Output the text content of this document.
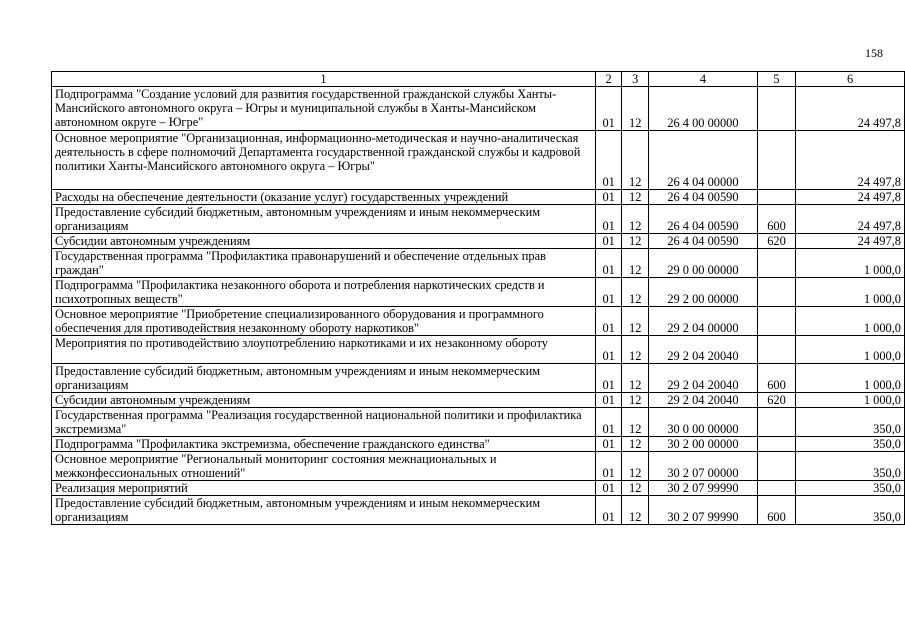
158
1	2	3	4	5	6
Подпрограмма "Создание условий для развития государственной гражданской службы Ханты-Мансийского автономного округа – Югры и муниципальной службы в Ханты-Мансийском автономном округе – Югре"	01	12	26 4 00 00000		24 497,8
Основное мероприятие "Организационная, информационно-методическая и научно-аналитическая деятельность в сфере полномочий Департамента государственной гражданской службы и кадровой политики Ханты-Мансийского автономного округа – Югры"	01	12	26 4 04 00000		24 497,8
Расходы на обеспечение деятельности (оказание услуг) государственных учреждений	01	12	26 4 04 00590		24 497,8
Предоставление субсидий бюджетным, автономным учреждениям и иным некоммерческим организациям	01	12	26 4 04 00590	600	24 497,8
Субсидии автономным учреждениям	01	12	26 4 04 00590	620	24 497,8
Государственная программа "Профилактика правонарушений и обеспечение отдельных прав граждан"	01	12	29 0 00 00000		1 000,0
Подпрограмма "Профилактика незаконного оборота и потребления наркотических средств и психотропных веществ"	01	12	29 2 00 00000		1 000,0
Основное мероприятие "Приобретение специализированного оборудования и программного обеспечения для противодействия незаконному обороту наркотиков"	01	12	29 2 04 00000		1 000,0
Мероприятия по противодействию злоупотреблению наркотиками и их незаконному обороту	01	12	29 2 04 20040		1 000,0
Предоставление субсидий бюджетным, автономным учреждениям и иным некоммерческим организациям	01	12	29 2 04 20040	600	1 000,0
Субсидии автономным учреждениям	01	12	29 2 04 20040	620	1 000,0
Государственная программа "Реализация государственной национальной политики и профилактика экстремизма"	01	12	30 0 00 00000		350,0
Подпрограмма "Профилактика экстремизма, обеспечение гражданского единства"	01	12	30 2 00 00000		350,0
Основное мероприятие "Региональный мониторинг состояния межнациональных и межконфессиональных отношений"	01	12	30 2 07 00000		350,0
Реализация мероприятий	01	12	30 2 07 99990		350,0
Предоставление субсидий бюджетным, автономным учреждениям и иным некоммерческим организациям	01	12	30 2 07 99990	600	350,0
